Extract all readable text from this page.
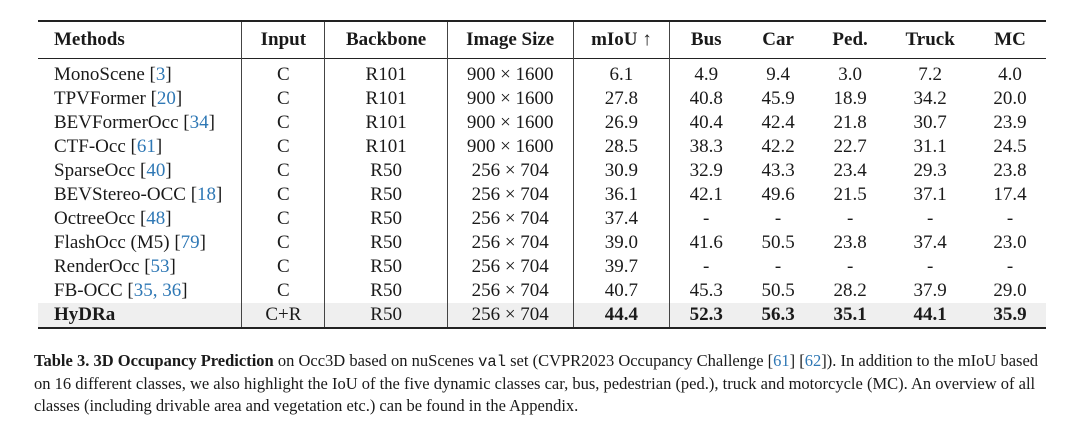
Methods	Input	Backbone	Image Size	mIoU ↑	Bus	Car	Ped.	Truck	MC
MonoScene [3]	C	R101	900 × 1600	6.1	4.9	9.4	3.0	7.2	4.0
TPVFormer [20]	C	R101	900 × 1600	27.8	40.8	45.9	18.9	34.2	20.0
BEVFormerOcc [34]	C	R101	900 × 1600	26.9	40.4	42.4	21.8	30.7	23.9
CTF-Occ [61]	C	R101	900 × 1600	28.5	38.3	42.2	22.7	31.1	24.5
SparseOcc [40]	C	R50	256 × 704	30.9	32.9	43.3	23.4	29.3	23.8
BEVStereo-OCC [18]	C	R50	256 × 704	36.1	42.1	49.6	21.5	37.1	17.4
OctreeOcc [48]	C	R50	256 × 704	37.4	-	-	-	-	-
FlashOcc (M5) [79]	C	R50	256 × 704	39.0	41.6	50.5	23.8	37.4	23.0
RenderOcc [53]	C	R50	256 × 704	39.7	-	-	-	-	-
FB-OCC [35, 36]	C	R50	256 × 704	40.7	45.3	50.5	28.2	37.9	29.0
HyDRa	C+R	R50	256 × 704	44.4	52.3	56.3	35.1	44.1	35.9
Table 3. 3D Occupancy Prediction on Occ3D based on nuScenes val set (CVPR2023 Occupancy Challenge [61] [62]). In addition to the mIoU based on 16 different classes, we also highlight the IoU of the five dynamic classes car, bus, pedestrian (ped.), truck and motorcycle (MC). An overview of all classes (including drivable area and vegetation etc.) can be found in the Appendix.
